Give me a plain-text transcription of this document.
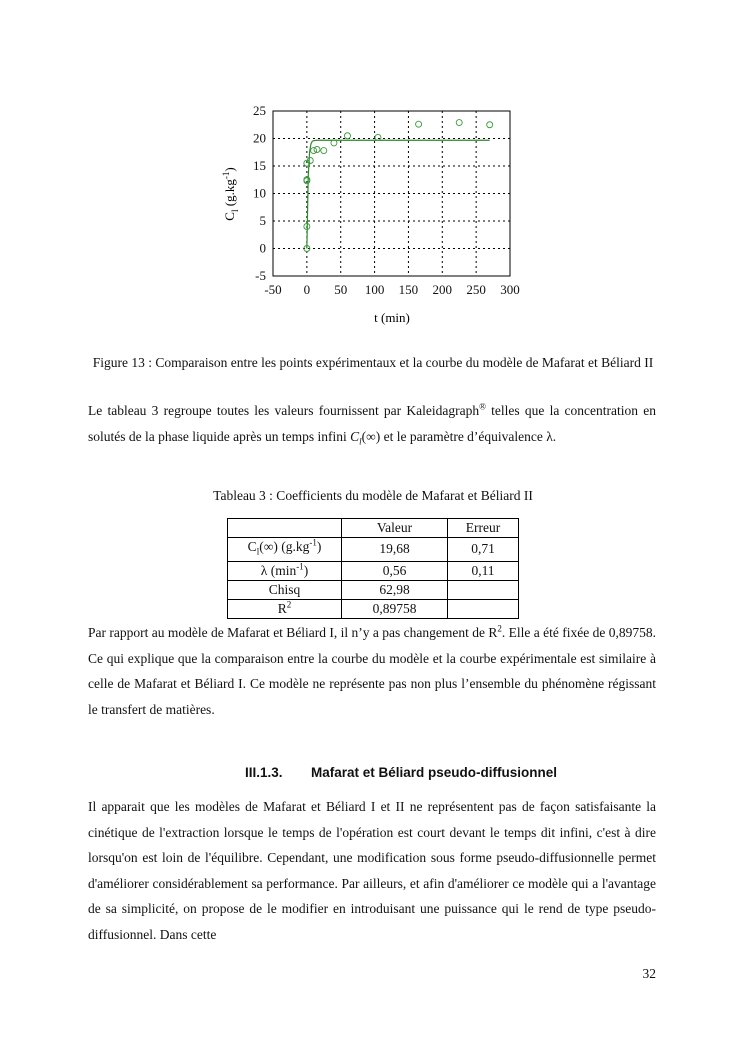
-5
0
5
10
15
20
25
-50 0 50 100 150 200 250 300
t (min)
$C_l$ $(g.kg^{-1})$
Figure 13 : Comparaison entre les points expérimentaux et la courbe du modèle de Mafarat et Béliard II
Le tableau 3 regroupe toutes les valeurs fournissent par Kaleidagraph® telles que la concentration en solutés de la phase liquide après un temps infini $C_l(\infty)$ et le paramètre d’équivalence λ.
Tableau 3 : Coefficients du modèle de Mafarat et Béliard II
	Valeur	Erreur
$C_l(\infty)$ $(g.kg^{-1})$	19,68	0,71
λ $(\min^{-1})$	0,56	0,11
Chisq	62,98	
$R^2$	0,89758	
Par rapport au modèle de Mafarat et Béliard I, il n’y a pas changement de $R^2$. Elle a été fixée de 0,89758. Ce qui explique que la comparaison entre la courbe du modèle et la courbe expérimentale est similaire à celle de Mafarat et Béliard I. Ce modèle ne représente pas non plus l’ensemble du phénomène régissant le transfert de matières.
III.1.3. Mafarat et Béliard pseudo-diffusionnel
Il apparait que les modèles de Mafarat et Béliard I et II ne représentent pas de façon satisfaisante la cinétique de l'extraction lorsque le temps de l'opération est court devant le temps dit infini, c'est à dire lorsqu'on est loin de l'équilibre. Cependant, une modification sous forme pseudo-diffusionnelle permet d'améliorer considérablement sa performance. Par ailleurs, et afin d'améliorer ce modèle qui a l'avantage de sa simplicité, on propose de le modifier en introduisant une puissance qui le rend de type pseudo-diffusionnel. Dans cette
32
